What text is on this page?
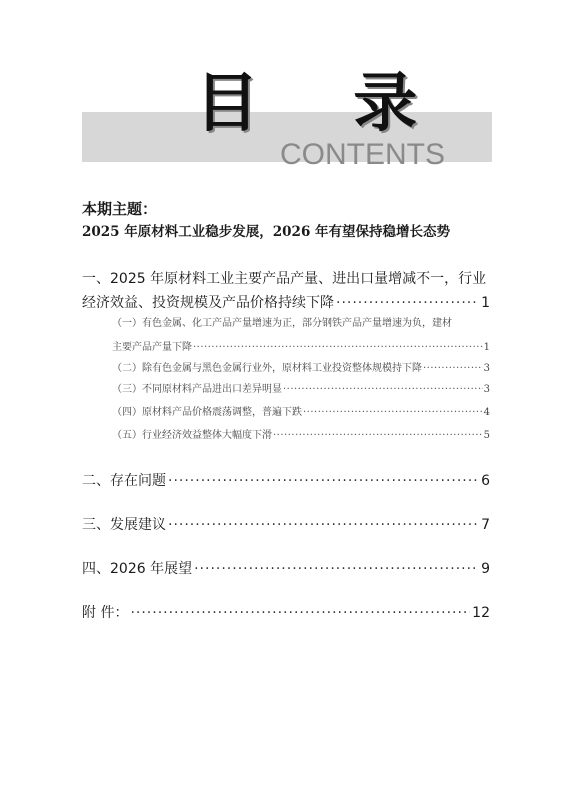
目 录
CONTENTS
本期主题：
2025 年原材料工业稳步发展，2026 年有望保持稳增长态势
一、2025 年原材料工业主要产品产量、进出口量增减不一，行业
经济效益、投资规模及产品价格持续下降 ·····	1
（一）有色金属、化工产品产量增速为正，部分钢铁产品产量增速为负，建材
主要产品产量下降 ·····	1
（二）除有色金属与黑色金属行业外，原材料工业投资整体规模持下降 ·····	3
（三）不同原材料产品进出口差异明显 ·····	3
（四）原材料产品价格震荡调整，普遍下跌 ·····	4
（五）行业经济效益整体大幅度下滑 ·····	5
二、存在问题 ·····	6
三、发展建议 ·····	7
四、2026 年展望 ·····	9
附 件： ·····	12
